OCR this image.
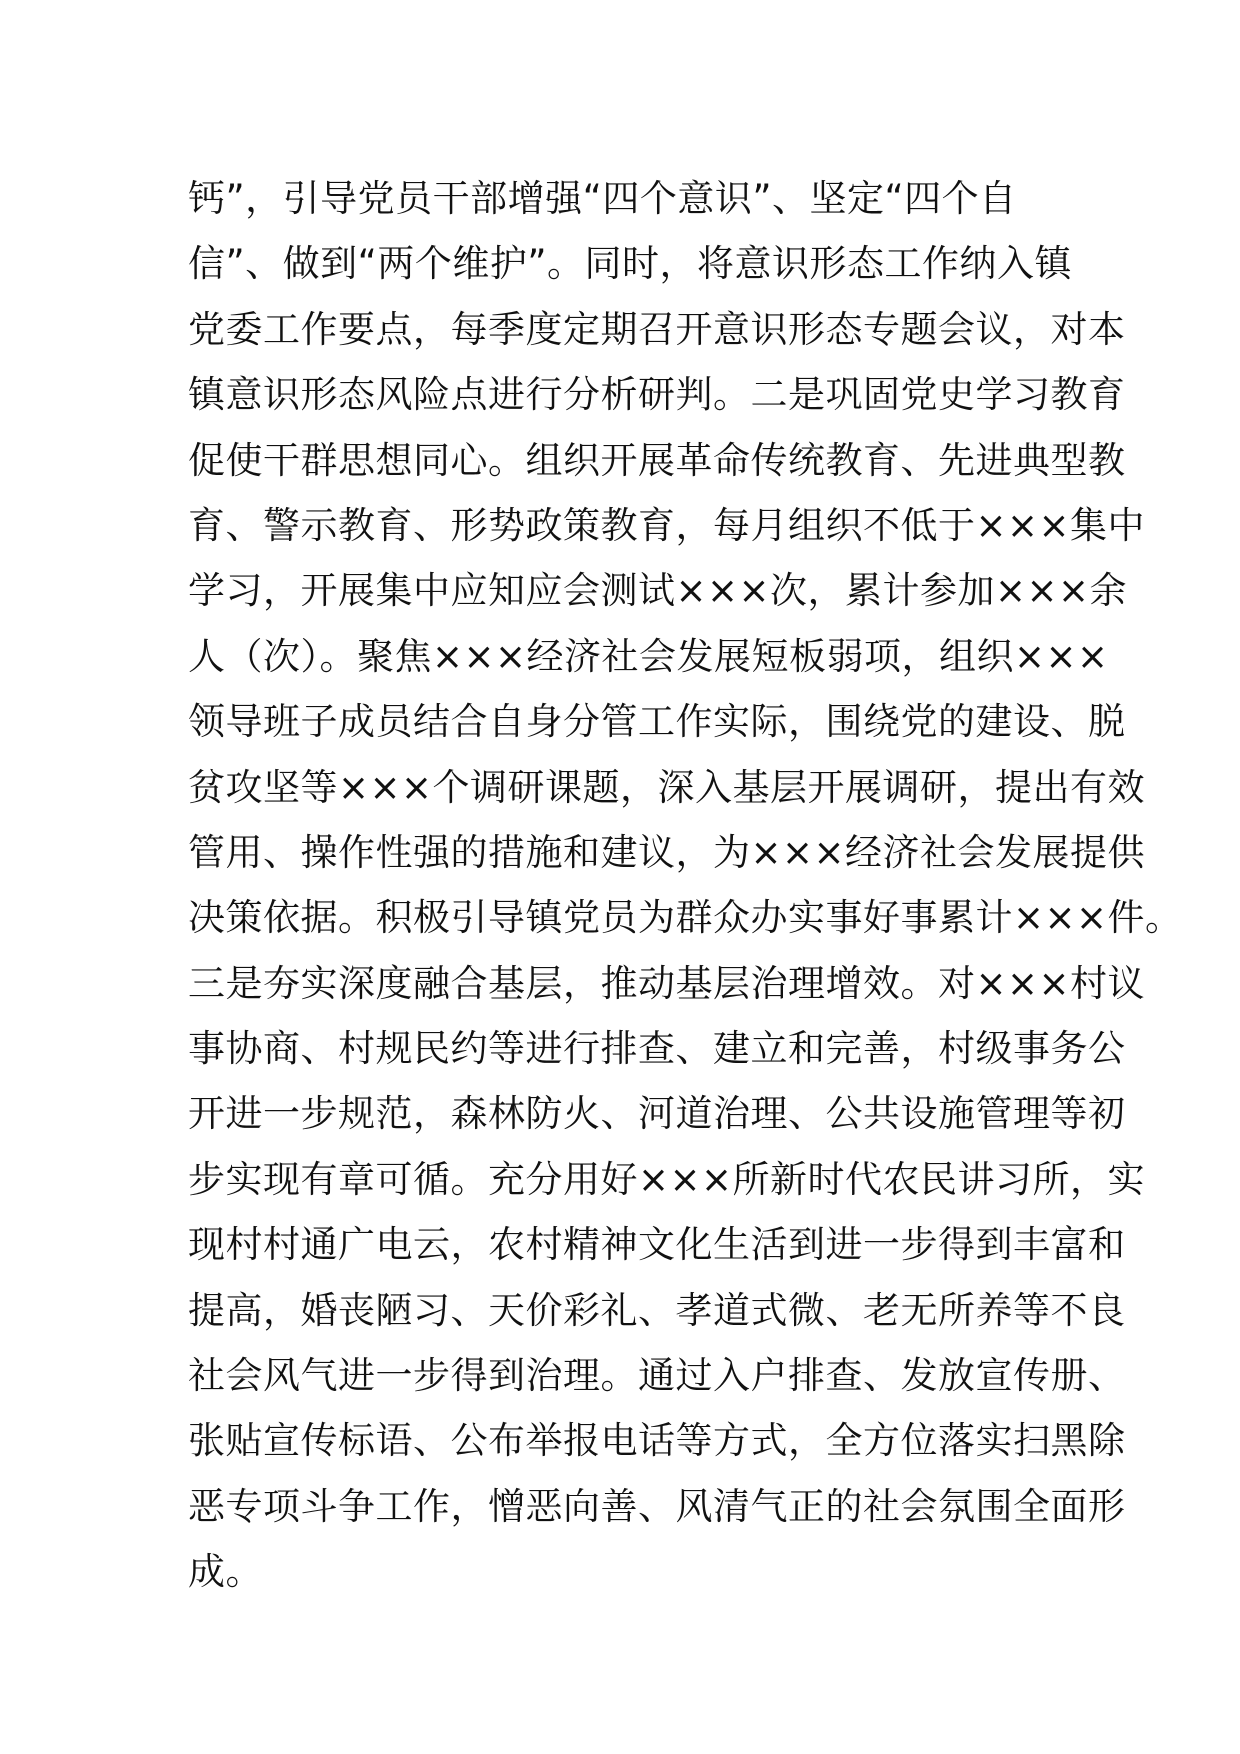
钙”，引导党员干部增强“四个意识”、坚定“四个自
信”、做到“两个维护”。同时，将意识形态工作纳入镇
党委工作要点，每季度定期召开意识形态专题会议，对本
镇意识形态风险点进行分析研判。二是巩固党史学习教育
促使干群思想同心。组织开展革命传统教育、先进典型教
育、警示教育、形势政策教育，每月组织不低于×××集中
学习，开展集中应知应会测试×××次，累计参加×××余
人（次）。聚焦×××经济社会发展短板弱项，组织×××
领导班子成员结合自身分管工作实际，围绕党的建设、脱
贫攻坚等×××个调研课题，深入基层开展调研，提出有效
管用、操作性强的措施和建议，为×××经济社会发展提供
决策依据。积极引导镇党员为群众办实事好事累计×××件。
三是夯实深度融合基层，推动基层治理增效。对×××村议
事协商、村规民约等进行排查、建立和完善，村级事务公
开进一步规范，森林防火、河道治理、公共设施管理等初
步实现有章可循。充分用好×××所新时代农民讲习所，实
现村村通广电云，农村精神文化生活到进一步得到丰富和
提高，婚丧陋习、天价彩礼、孝道式微、老无所养等不良
社会风气进一步得到治理。通过入户排查、发放宣传册、
张贴宣传标语、公布举报电话等方式，全方位落实扫黑除
恶专项斗争工作，憎恶向善、风清气正的社会氛围全面形
成。
